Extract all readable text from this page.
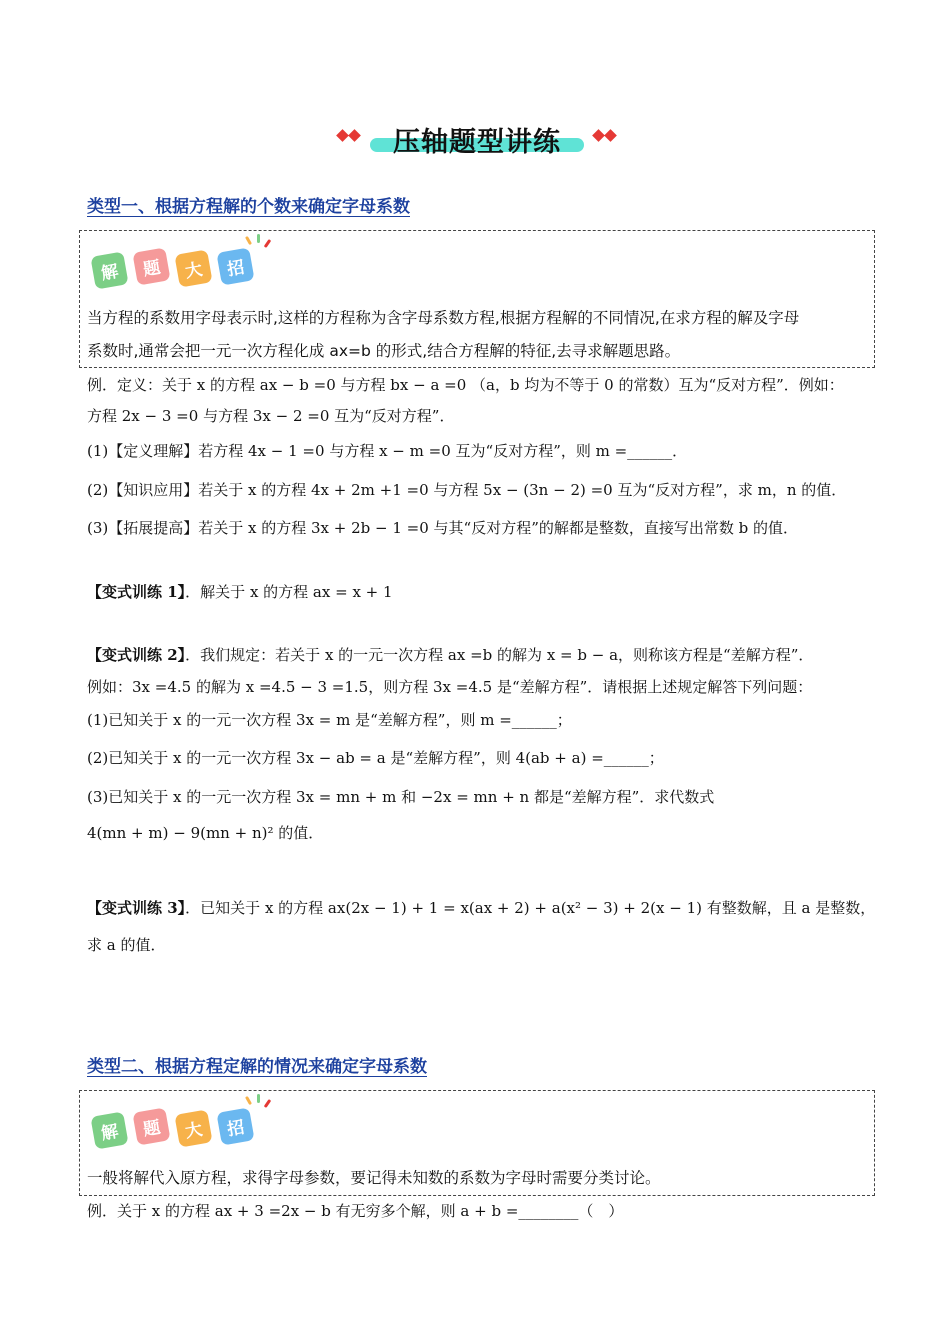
压轴题型讲练
类型一、根据方程解的个数来确定字母系数
解 题 大 招
当方程的系数用字母表示时,这样的方程称为含字母系数方程,根据方程解的不同情况,在求方程的解及字母
系数时,通常会把一元一次方程化成 ax=b 的形式,结合方程解的特征,去寻求解题思路。
例．定义：关于 x 的方程 ax − b =0 与方程 bx − a =0 （a，b 均为不等于 0 的常数）互为“反对方程”．例如：
方程 2x − 3 =0 与方程 3x − 2 =0 互为“反对方程”．
(1)【定义理解】若方程 4x − 1 =0 与方程 x − m =0 互为“反对方程”，则 m =______．
(2)【知识应用】若关于 x 的方程 4x + 2m +1 =0 与方程 5x − (3n − 2) =0 互为“反对方程”，求 m，n 的值．
(3)【拓展提高】若关于 x 的方程 3x + 2b − 1 =0 与其“反对方程”的解都是整数，直接写出常数 b 的值．
【变式训练 1】．解关于 x 的方程 ax = x + 1
【变式训练 2】．我们规定：若关于 x 的一元一次方程 ax =b 的解为 x = b − a，则称该方程是“差解方程”．
例如：3x =4.5 的解为 x =4.5 − 3 =1.5，则方程 3x =4.5 是“差解方程”．请根据上述规定解答下列问题：
(1)已知关于 x 的一元一次方程 3x = m 是“差解方程”，则 m =______；
(2)已知关于 x 的一元一次方程 3x − ab = a 是“差解方程”，则 4(ab + a) =______；
(3)已知关于 x 的一元一次方程 3x = mn + m 和 −2x = mn + n 都是“差解方程”．求代数式
4(mn + m) − 9(mn + n)² 的值．
【变式训练 3】．已知关于 x 的方程 ax(2x − 1) + 1 = x(ax + 2) + a(x² − 3) + 2(x − 1) 有整数解，且 a 是整数，
求 a 的值．
类型二、根据方程定解的情况来确定字母系数
解 题 大 招
一般将解代入原方程，求得字母参数，要记得未知数的系数为字母时需要分类讨论。
例．关于 x 的方程 ax + 3 =2x − b 有无穷多个解，则 a + b =________（　）
